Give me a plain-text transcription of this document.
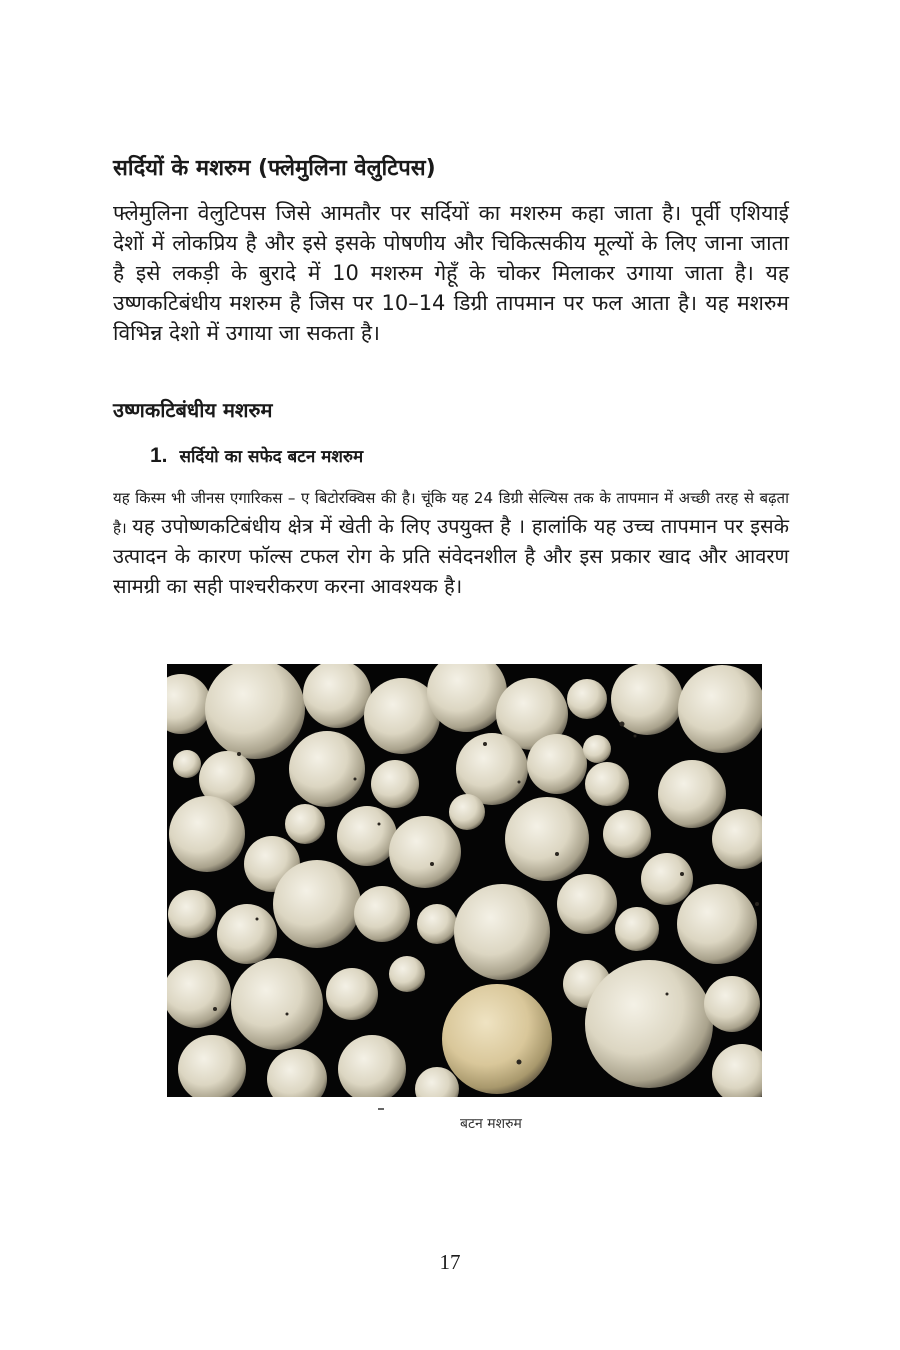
सर्दियों के मशरुम (फ्लेमुलिना वेलुटिपस)
फ्लेमुलिना वेलुटिपस जिसे आमतौर पर सर्दियों का मशरुम कहा जाता है। पूर्वी एशियाई देशों में लोकप्रिय है और इसे इसके पोषणीय और चिकित्सकीय मूल्यों के लिए जाना जाता है इसे लकड़ी के बुरादे में 10 मशरुम गेहूँ के चोकर मिलाकर उगाया जाता है। यह उष्णकटिबंधीय मशरुम है जिस पर 10–14 डिग्री तापमान पर फल आता है। यह मशरुम विभिन्न देशो में उगाया जा सकता है।
उष्णकटिबंधीय मशरुम
1. सर्दियो का सफेद बटन मशरुम
यह किस्म भी जीनस एगारिकस – ए बिटोरक्विस की है। चूंकि यह 24 डिग्री सेल्यिस तक के तापमान में अच्छी तरह से बढ़ता है। यह उपोष्णकटिबंधीय क्षेत्र में खेती के लिए उपयुक्त है । हालांकि यह उच्च तापमान पर इसके उत्पादन के कारण फॉल्स टफल रोग के प्रति संवेदनशील है और इस प्रकार खाद और आवरण सामग्री का सही पाश्चरीकरण करना आवश्यक है।
बटन मशरुम
17
